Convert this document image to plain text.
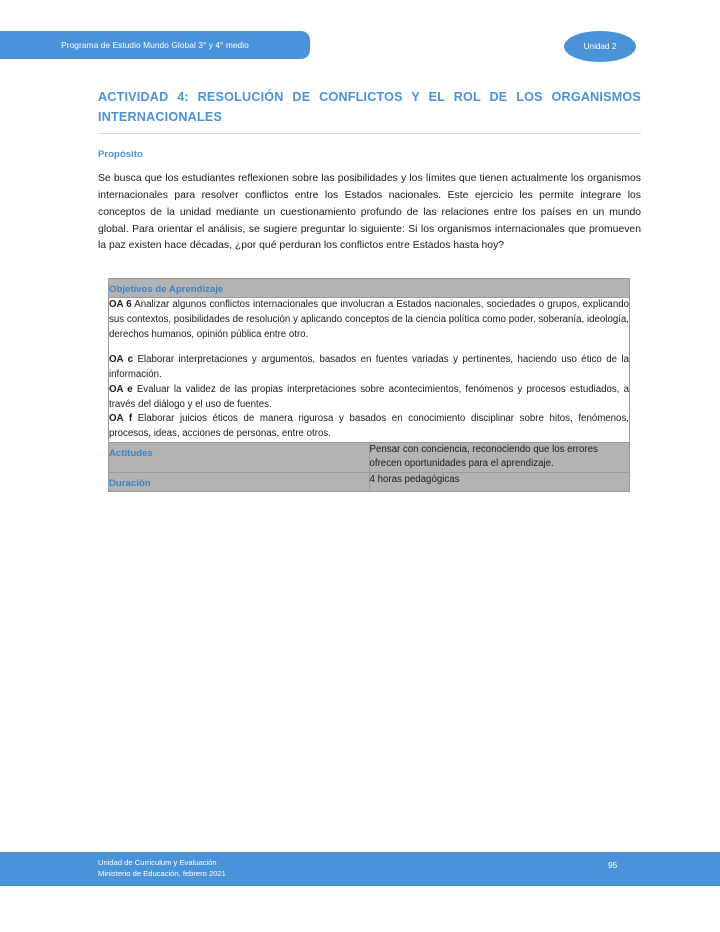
Programa de Estudio Mundo Global 3° y 4° medio	Unidad 2
ACTIVIDAD 4: RESOLUCIÓN DE CONFLICTOS Y EL ROL DE LOS ORGANISMOS INTERNACIONALES
Propósito
Se busca que los estudiantes reflexionen sobre las posibilidades y los límites que tienen actualmente los organismos internacionales para resolver conflictos entre los Estados nacionales. Este ejercicio les permite integrare los conceptos de la unidad mediante un cuestionamiento profundo de las relaciones entre los países en un mundo global. Para orientar el análisis, se sugiere preguntar lo siguiente: Si los organismos internacionales que promueven la paz existen hace décadas, ¿por qué perduran los conflictos entre Estados hasta hoy?
Objetivos de Aprendizaje	

OA 6 Analizar algunos conflictos internacionales que involucran a Estados nacionales, sociedades o grupos, explicando sus contextos, posibilidades de resolución y aplicando conceptos de la ciencia política como poder, soberanía, ideología, derechos humanos, opinión pública entre otro.
OA c Elaborar interpretaciones y argumentos, basados en fuentes variadas y pertinentes, haciendo uso ético de la información.
OA e Evaluar la validez de las propias interpretaciones sobre acontecimientos, fenómenos y procesos estudiados, a través del diálogo y el uso de fuentes.
OA f Elaborar juicios éticos de manera rigurosa y basados en conocimiento disciplinar sobre hitos, fenómenos, procesos, ideas, acciones de personas, entre otros.	

Actitudes	Pensar con conciencia, reconociendo que los errores ofrecen oportunidades para el aprendizaje.

Duración	4 horas pedagógicas
Unidad de Curriculum y Evaluación
Ministerio de Educación, febrero 2021
95
